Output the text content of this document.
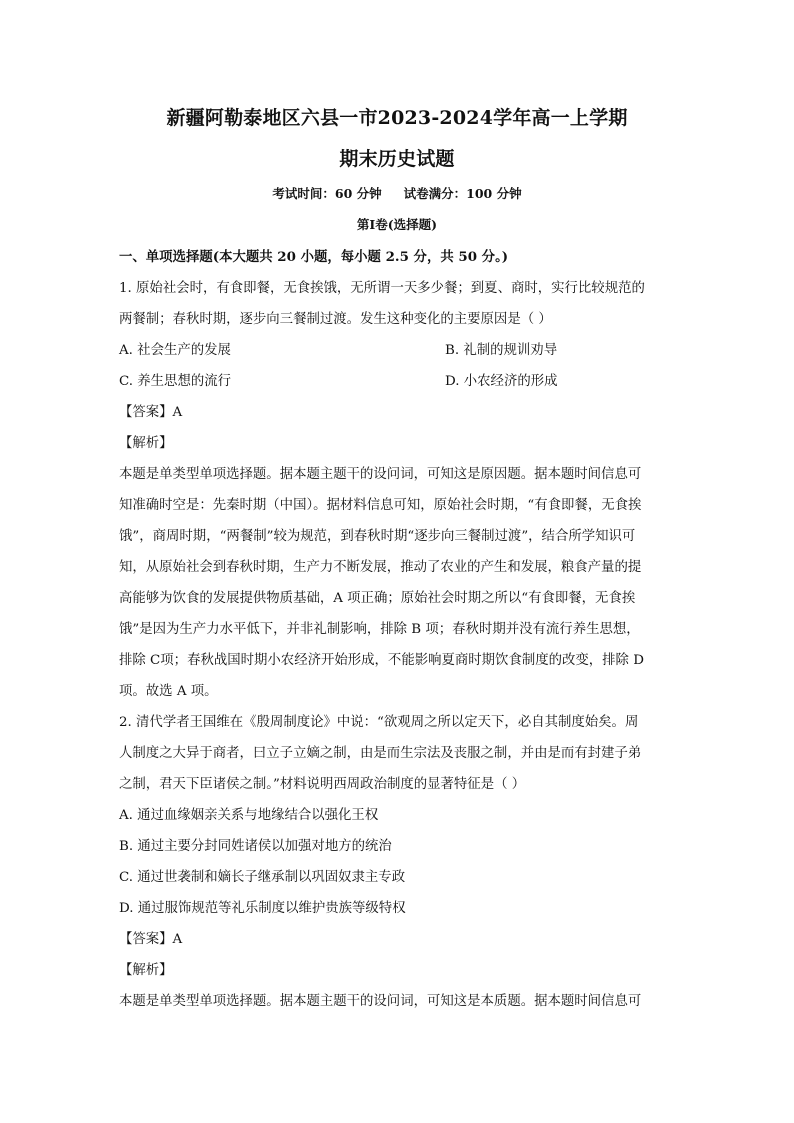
新疆阿勒泰地区六县一市2023-2024学年高一上学期
期末历史试题
考试时间：60 分钟 试卷满分：100 分钟
第Ⅰ卷(选择题)
一、单项选择题(本大题共 20 小题，每小题 2.5 分，共 50 分。)
1. 原始社会时，有食即餐，无食挨饿，无所谓一天多少餐；到夏、商时，实行比较规范的
两餐制；春秋时期，逐步向三餐制过渡。发生这种变化的主要原因是（ ）
A. 社会生产的发展	B. 礼制的规训劝导
C. 养生思想的流行	D. 小农经济的形成
【答案】A
【解析】
本题是单类型单项选择题。据本题主题干的设问词，可知这是原因题。据本题时间信息可
知准确时空是：先秦时期（中国）。据材料信息可知，原始社会时期，“有食即餐，无食挨
饿”，商周时期，“两餐制”较为规范，到春秋时期“逐步向三餐制过渡”，结合所学知识可
知，从原始社会到春秋时期，生产力不断发展，推动了农业的产生和发展，粮食产量的提
高能够为饮食的发展提供物质基础，A 项正确；原始社会时期之所以“有食即餐，无食挨
饿”是因为生产力水平低下，并非礼制影响，排除 B 项；春秋时期并没有流行养生思想，
排除 C项；春秋战国时期小农经济开始形成，不能影响夏商时期饮食制度的改变，排除 D
项。故选 A 项。
2. 清代学者王国维在《殷周制度论》中说：“欲观周之所以定天下，必自其制度始矣。周
人制度之大异于商者，曰立子立嫡之制，由是而生宗法及丧服之制，并由是而有封建子弟
之制，君天下臣诸侯之制。”材料说明西周政治制度的显著特征是（ ）
A. 通过血缘姻亲关系与地缘结合以强化王权
B. 通过主要分封同姓诸侯以加强对地方的统治
C. 通过世袭制和嫡长子继承制以巩固奴隶主专政
D. 通过服饰规范等礼乐制度以维护贵族等级特权
【答案】A
【解析】
本题是单类型单项选择题。据本题主题干的设问词，可知这是本质题。据本题时间信息可
